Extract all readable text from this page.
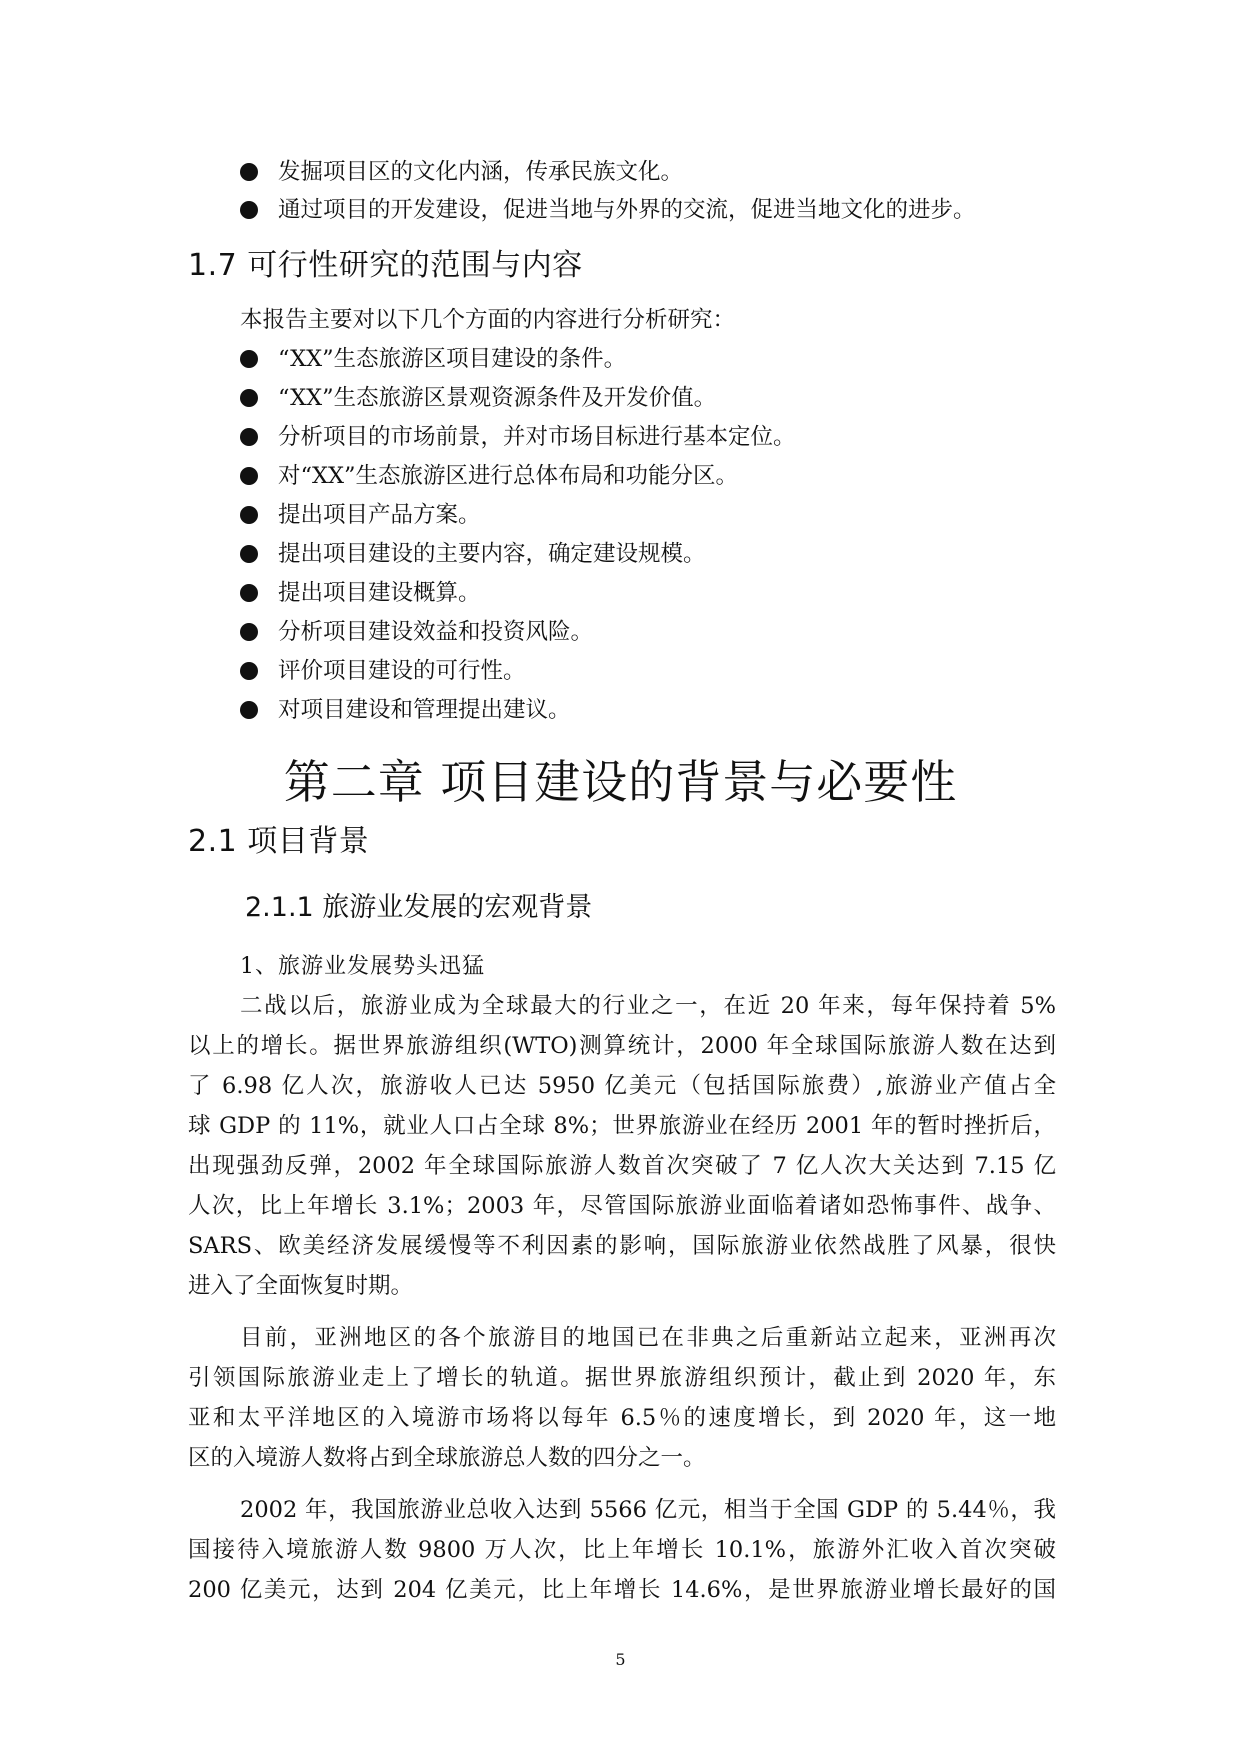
发掘项目区的文化内涵，传承民族文化。
通过项目的开发建设，促进当地与外界的交流，促进当地文化的进步。
1.7 可行性研究的范围与内容
本报告主要对以下几个方面的内容进行分析研究：
“XX”生态旅游区项目建设的条件。
“XX”生态旅游区景观资源条件及开发价值。
分析项目的市场前景，并对市场目标进行基本定位。
对“XX”生态旅游区进行总体布局和功能分区。
提出项目产品方案。
提出项目建设的主要内容，确定建设规模。
提出项目建设概算。
分析项目建设效益和投资风险。
评价项目建设的可行性。
对项目建设和管理提出建议。
第二章 项目建设的背景与必要性
2.1 项目背景
2.1.1 旅游业发展的宏观背景
1、旅游业发展势头迅猛
二战以后，旅游业成为全球最大的行业之一，在近 20 年来，每年保持着 5%
以上的增长。据世界旅游组织(WTO)测算统计，2000 年全球国际旅游人数在达到
了 6.98 亿人次，旅游收人已达 5950 亿美元（包括国际旅费）,旅游业产值占全
球 GDP 的 11%，就业人口占全球 8%；世界旅游业在经历 2001 年的暂时挫折后，
出现强劲反弹，2002 年全球国际旅游人数首次突破了 7 亿人次大关达到 7.15 亿
人次，比上年增长 3.1%；2003 年，尽管国际旅游业面临着诸如恐怖事件、战争、
SARS、欧美经济发展缓慢等不利因素的影响，国际旅游业依然战胜了风暴，很快
进入了全面恢复时期。
目前，亚洲地区的各个旅游目的地国已在非典之后重新站立起来，亚洲再次
引领国际旅游业走上了增长的轨道。据世界旅游组织预计，截止到 2020 年，东
亚和太平洋地区的入境游市场将以每年 6.5％的速度增长，到 2020 年，这一地
区的入境游人数将占到全球旅游总人数的四分之一。
2002 年，我国旅游业总收入达到 5566 亿元，相当于全国 GDP 的 5.44％，我
国接待入境旅游人数 9800 万人次，比上年增长 10.1%，旅游外汇收入首次突破
200 亿美元，达到 204 亿美元，比上年增长 14.6%，是世界旅游业增长最好的国
5
